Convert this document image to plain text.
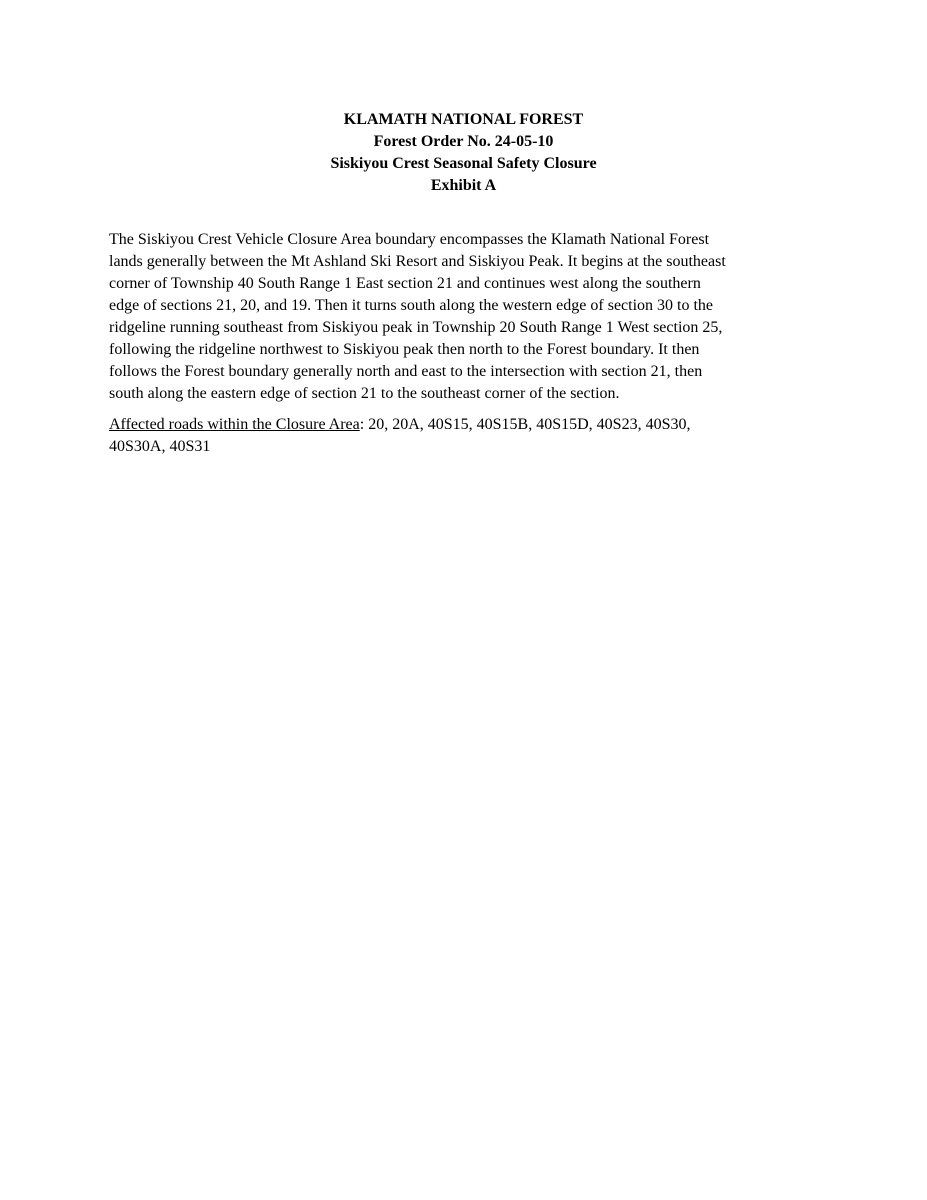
KLAMATH NATIONAL FOREST
Forest Order No. 24-05-10
Siskiyou Crest Seasonal Safety Closure
Exhibit A

The Siskiyou Crest Vehicle Closure Area boundary encompasses the Klamath National Forest
lands generally between the Mt Ashland Ski Resort and Siskiyou Peak. It begins at the southeast
corner of Township 40 South Range 1 East section 21 and continues west along the southern
edge of sections 21, 20, and 19. Then it turns south along the western edge of section 30 to the
ridgeline running southeast from Siskiyou peak in Township 20 South Range 1 West section 25,
following the ridgeline northwest to Siskiyou peak then north to the Forest boundary. It then
follows the Forest boundary generally north and east to the intersection with section 21, then
south along the eastern edge of section 21 to the southeast corner of the section.

Affected roads within the Closure Area: 20, 20A, 40S15, 40S15B, 40S15D, 40S23, 40S30,
40S30A, 40S31
